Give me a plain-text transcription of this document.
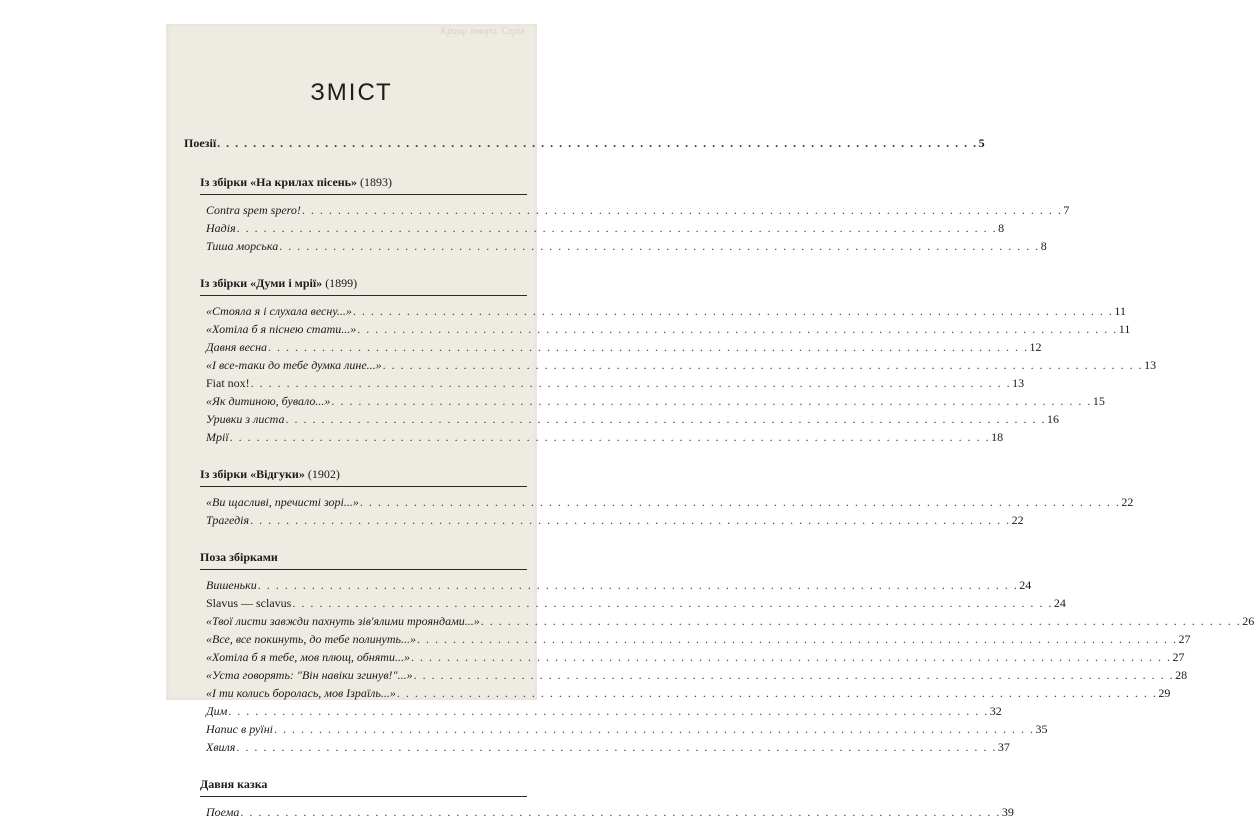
Кращі твори. Серія
ЗМІСТ
Поезії . . .	5
Із збірки «На крилах пісень» (1893)
Contra spem spero! . . .	7
Надія . . .	8
Тиша морська . . .	8
Із збірки «Думи і мрії» (1899)
«Стояла я і слухала весну...» . . .	11
«Хотіла б я піснею стати...» . . .	11
Давня весна . . .	12
«І все-таки до тебе думка лине...» . . .	13
Fiat nox! . . .	13
«Як дитиною, бувало...» . . .	15
Уривки з листа . . .	16
Мрії . . .	18
Із збірки «Відгуки» (1902)
«Ви щасливі, пречисті зорі...» . . .	22
Трагедія . . .	22
Поза збірками
Вишеньки . . .	24
Slavus — sclavus . . .	24
«Твої листи завжди пахнуть зів'ялими трояндами...» . . .	26
«Все, все покинуть, до тебе полинуть...» . . .	27
«Хотіла б я тебе, мов плющ, обняти...» . . .	27
«Уста говорять: "Він навіки згинув!"...» . . .	28
«І ти колись боролась, мов Ізраїль...» . . .	29
Дим . . .	32
Напис в руїні . . .	35
Хвиля . . .	37
Давня казка
Поема . . .	39
